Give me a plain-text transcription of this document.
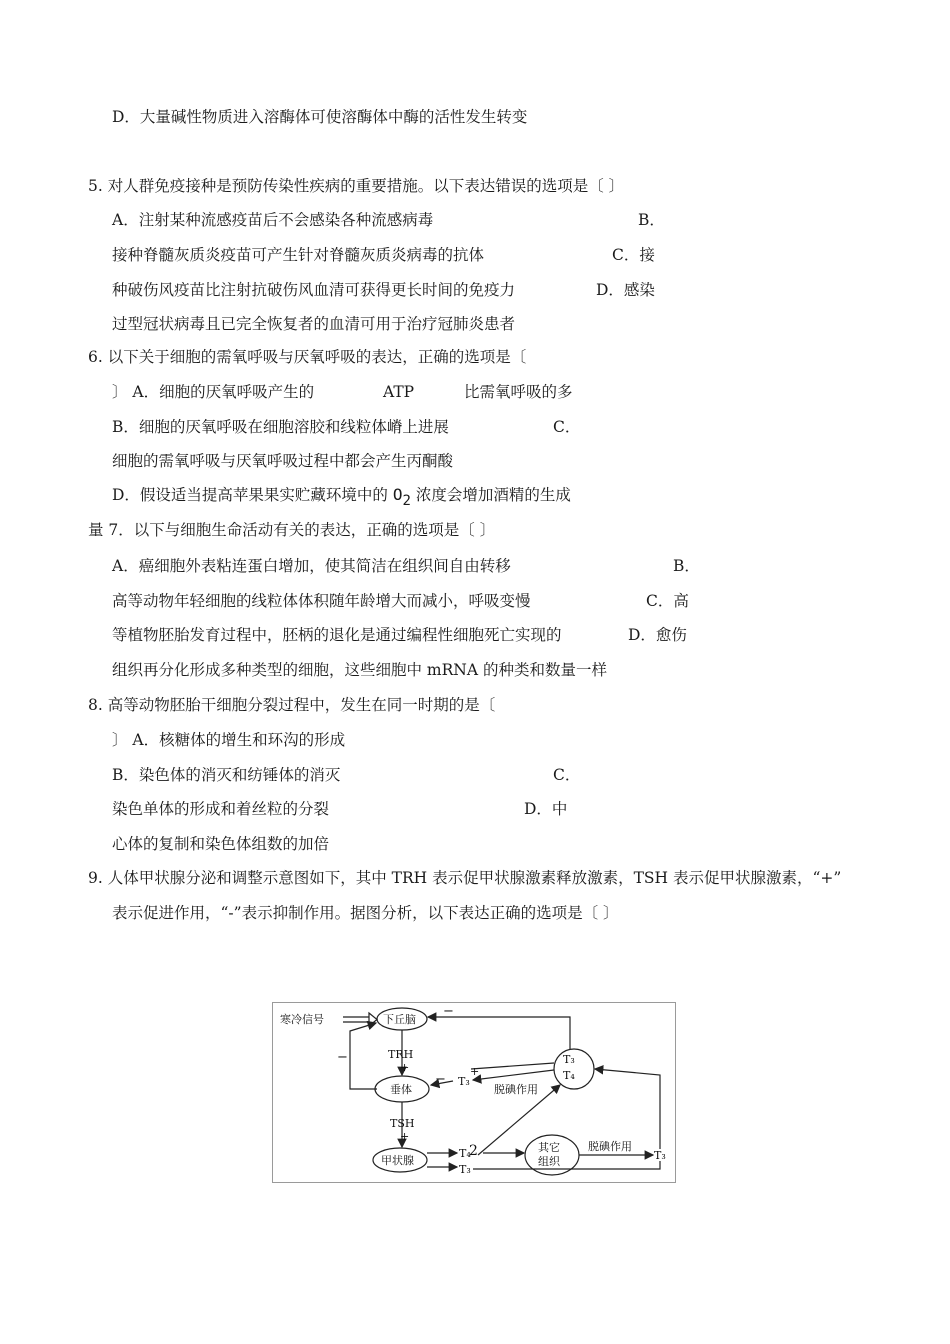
D．大量碱性物质进入溶酶体可使溶酶体中酶的活性发生转变
5. 对人群免疫接种是预防传染性疾病的重要措施。以下表达错误的选项是〔 〕
A．注射某种流感疫苗后不会感染各种流感病毒	B．
接种脊髓灰质炎疫苗可产生针对脊髓灰质炎病毒的抗体	C．接
种破伤风疫苗比注射抗破伤风血清可获得更长时间的免疫力	D．感染
过型冠状病毒且已完全恢复者的血清可用于治疗冠肺炎患者
6. 以下关于细胞的需氧呼吸与厌氧呼吸的表达，正确的选项是〔
〕 A．细胞的厌氧呼吸产生的	ATP	比需氧呼吸的多
B．细胞的厌氧呼吸在细胞溶胶和线粒体嵴上进展	C．
细胞的需氧呼吸与厌氧呼吸过程中都会产生丙酮酸
D．假设适当提高苹果果实贮藏环境中的 $O_2$ 浓度会增加酒精的生成
量 7．以下与细胞生命活动有关的表达，正确的选项是〔 〕
A．癌细胞外表粘连蛋白增加，使其简洁在组织间自由转移	B．
高等动物年轻细胞的线粒体体积随年龄增大而减小，呼吸变慢	C．高
等植物胚胎发育过程中，胚柄的退化是通过编程性细胞死亡实现的	D．愈伤
组织再分化形成多种类型的细胞，这些细胞中 mRNA 的种类和数量一样
8. 高等动物胚胎干细胞分裂过程中，发生在同一时期的是〔
〕 A．核糖体的增生和环沟的形成
B．染色体的消灭和纺锤体的消灭	C．
染色单体的形成和着丝粒的分裂	D．中
心体的复制和染色体组数的加倍
9. 人体甲状腺分泌和调整示意图如下，其中 TRH 表示促甲状腺激素释放激素，TSH 表示促甲状腺激素，“+”
表示促进作用，“-”表示抑制作用。据图分析，以下表达正确的选项是〔 〕
寒冷信号	下丘脑
TRH
+
垂体
TSH
+
甲状腺
其它
组织
脱碘作用
脱碘作用
T₃
T₄
T₃
T₄
T₃
T₃
2
−
−
−
+
